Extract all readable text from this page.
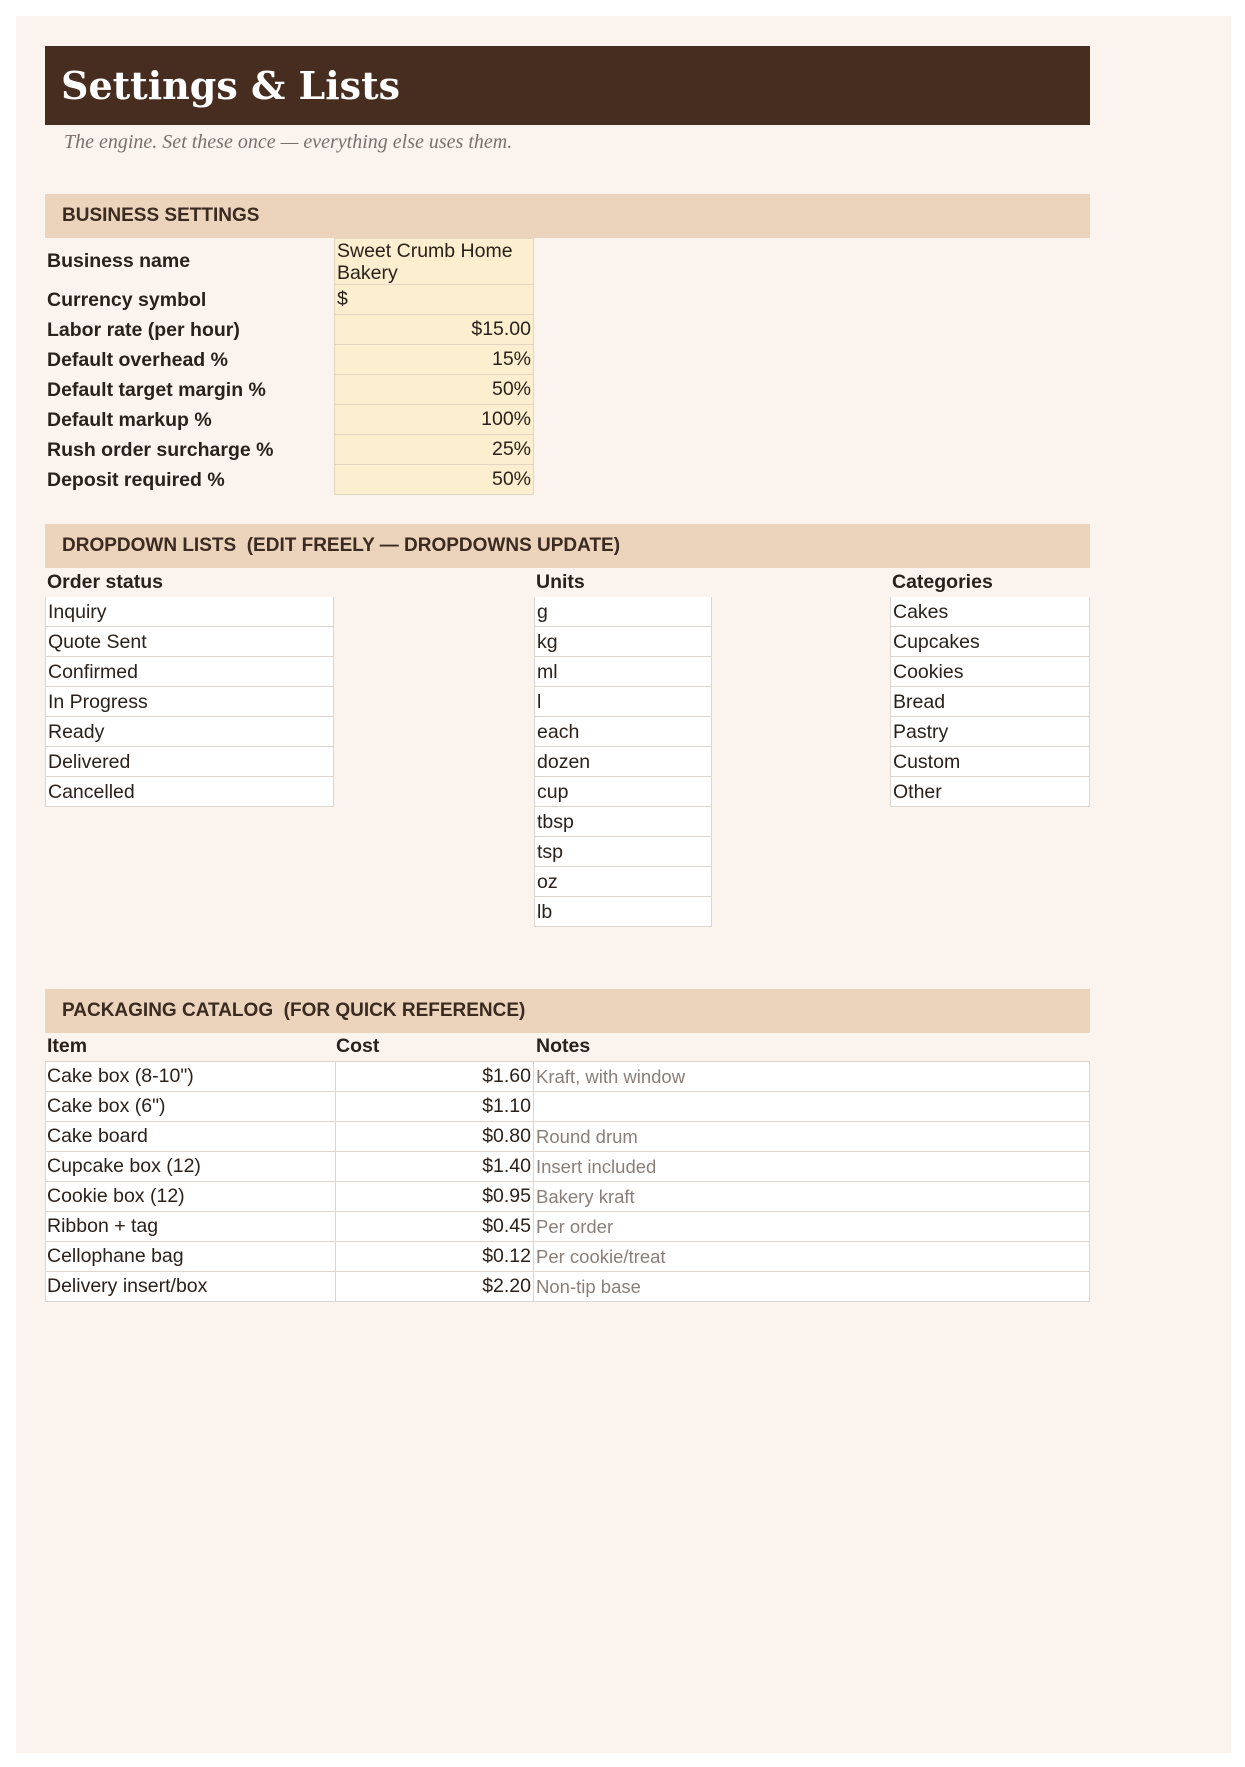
Settings & Lists
The engine. Set these once — everything else uses them.
BUSINESS SETTINGS
Business name	Sweet Crumb Home Bakery
Currency symbol	$
Labor rate (per hour)	$15.00
Default overhead %	15%
Default target margin %	50%
Default markup %	100%
Rush order surcharge %	25%
Deposit required %	50%
DROPDOWN LISTS  (EDIT FREELY — DROPDOWNS UPDATE)
Order status
Inquiry
Quote Sent
Confirmed
In Progress
Ready
Delivered
Cancelled
Units
g
kg
ml
l
each
dozen
cup
tbsp
tsp
oz
lb
Categories
Cakes
Cupcakes
Cookies
Bread
Pastry
Custom
Other
PACKAGING CATALOG  (FOR QUICK REFERENCE)
Item	Cost	Notes
Cake box (8-10")	$1.60 Kraft, with window
Cake box (6")	$1.10
Cake board	$0.80 Round drum
Cupcake box (12)	$1.40 Insert included
Cookie box (12)	$0.95 Bakery kraft
Ribbon + tag	$0.45 Per order
Cellophane bag	$0.12 Per cookie/treat
Delivery insert/box	$2.20 Non-tip base
